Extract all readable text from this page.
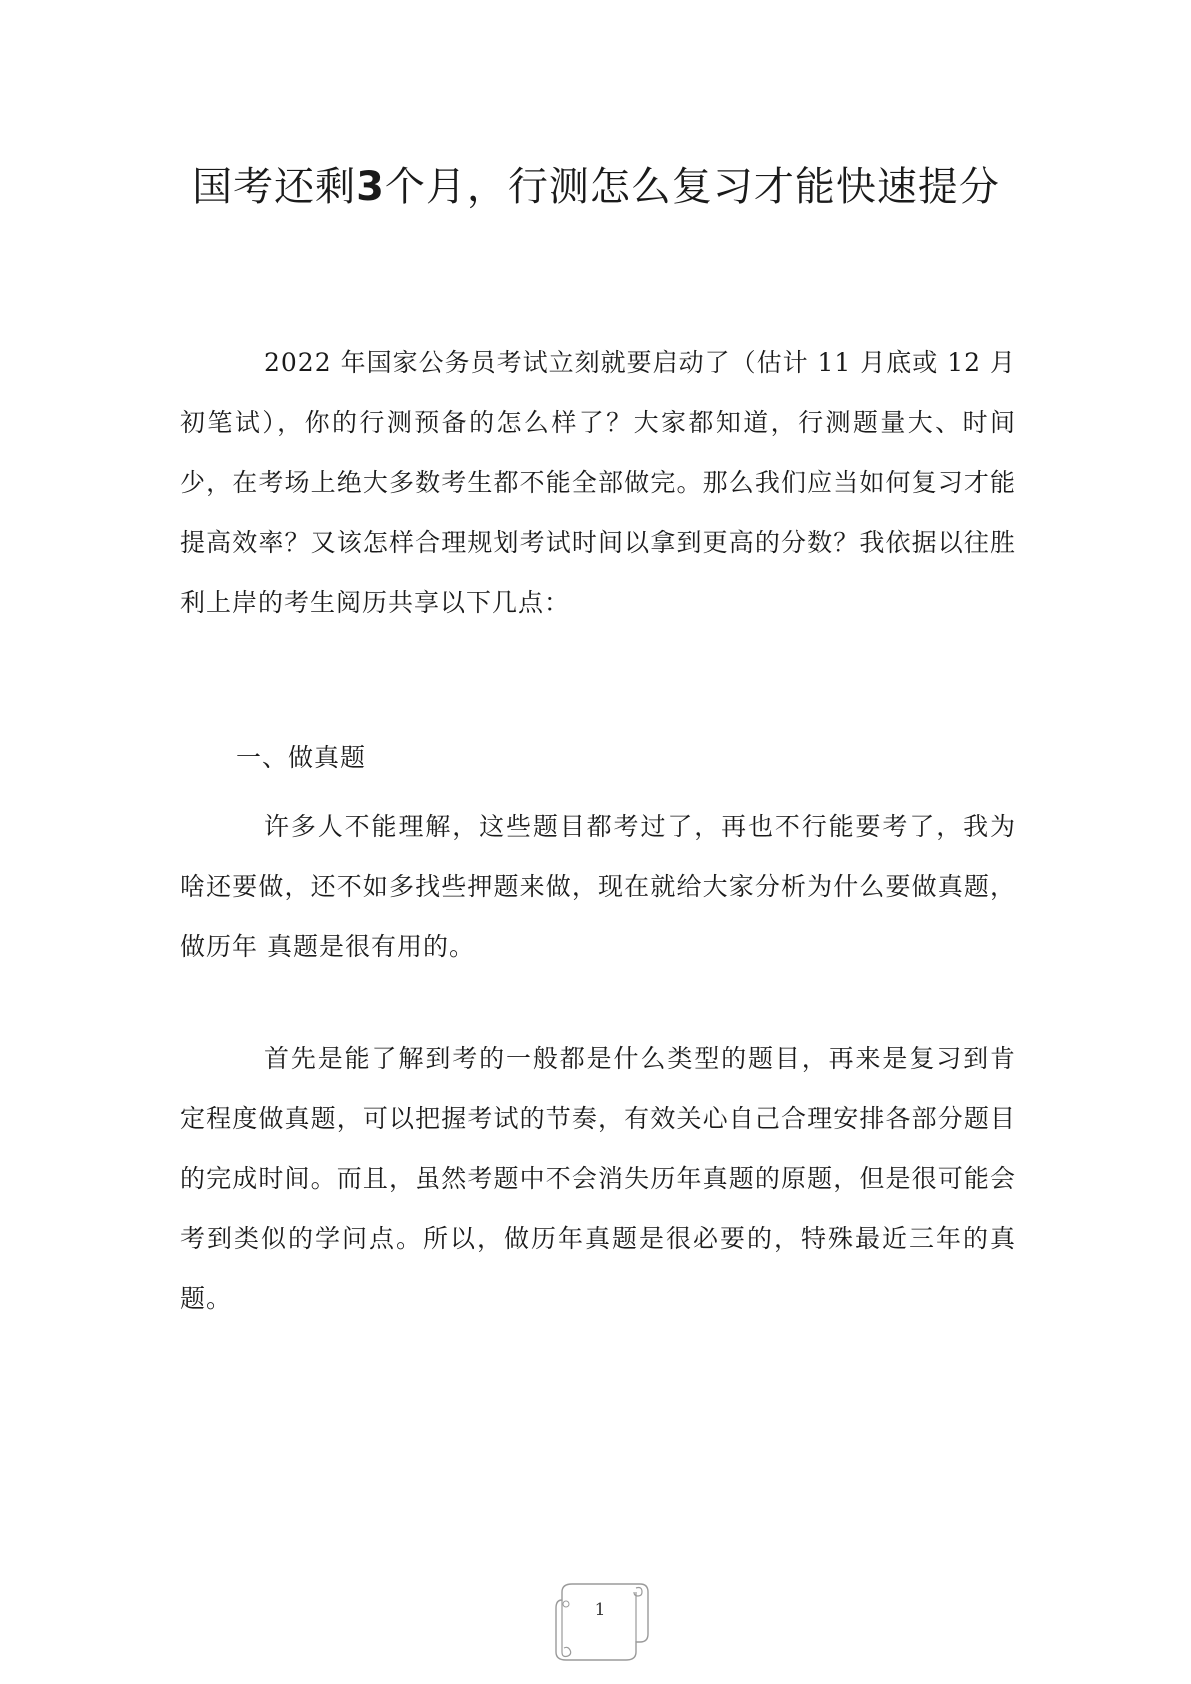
国考还剩3个月，行测怎么复习才能快速提分

2022 年国家公务员考试立刻就要启动了（估计 11 月底或 12 月初笔试），你的行测预备的怎么样了？大家都知道，行测题量大、时间少，在考场上绝大多数考生都不能全部做完。那么我们应当如何复习才能提高效率？又该怎样合理规划考试时间以拿到更高的分数？我依据以往胜利上岸的考生阅历共享以下几点：

一、做真题

许多人不能理解，这些题目都考过了，再也不行能要考了，我为啥还要做，还不如多找些押题来做，现在就给大家分析为什么要做真题，做历年 真题是很有用的。

首先是能了解到考的一般都是什么类型的题目，再来是复习到肯定程度做真题，可以把握考试的节奏，有效关心自己合理安排各部分题目的完成时间。而且，虽然考题中不会消失历年真题的原题，但是很可能会考到类似的学问点。所以，做历年真题是很必要的，特殊最近三年的真题。

1
